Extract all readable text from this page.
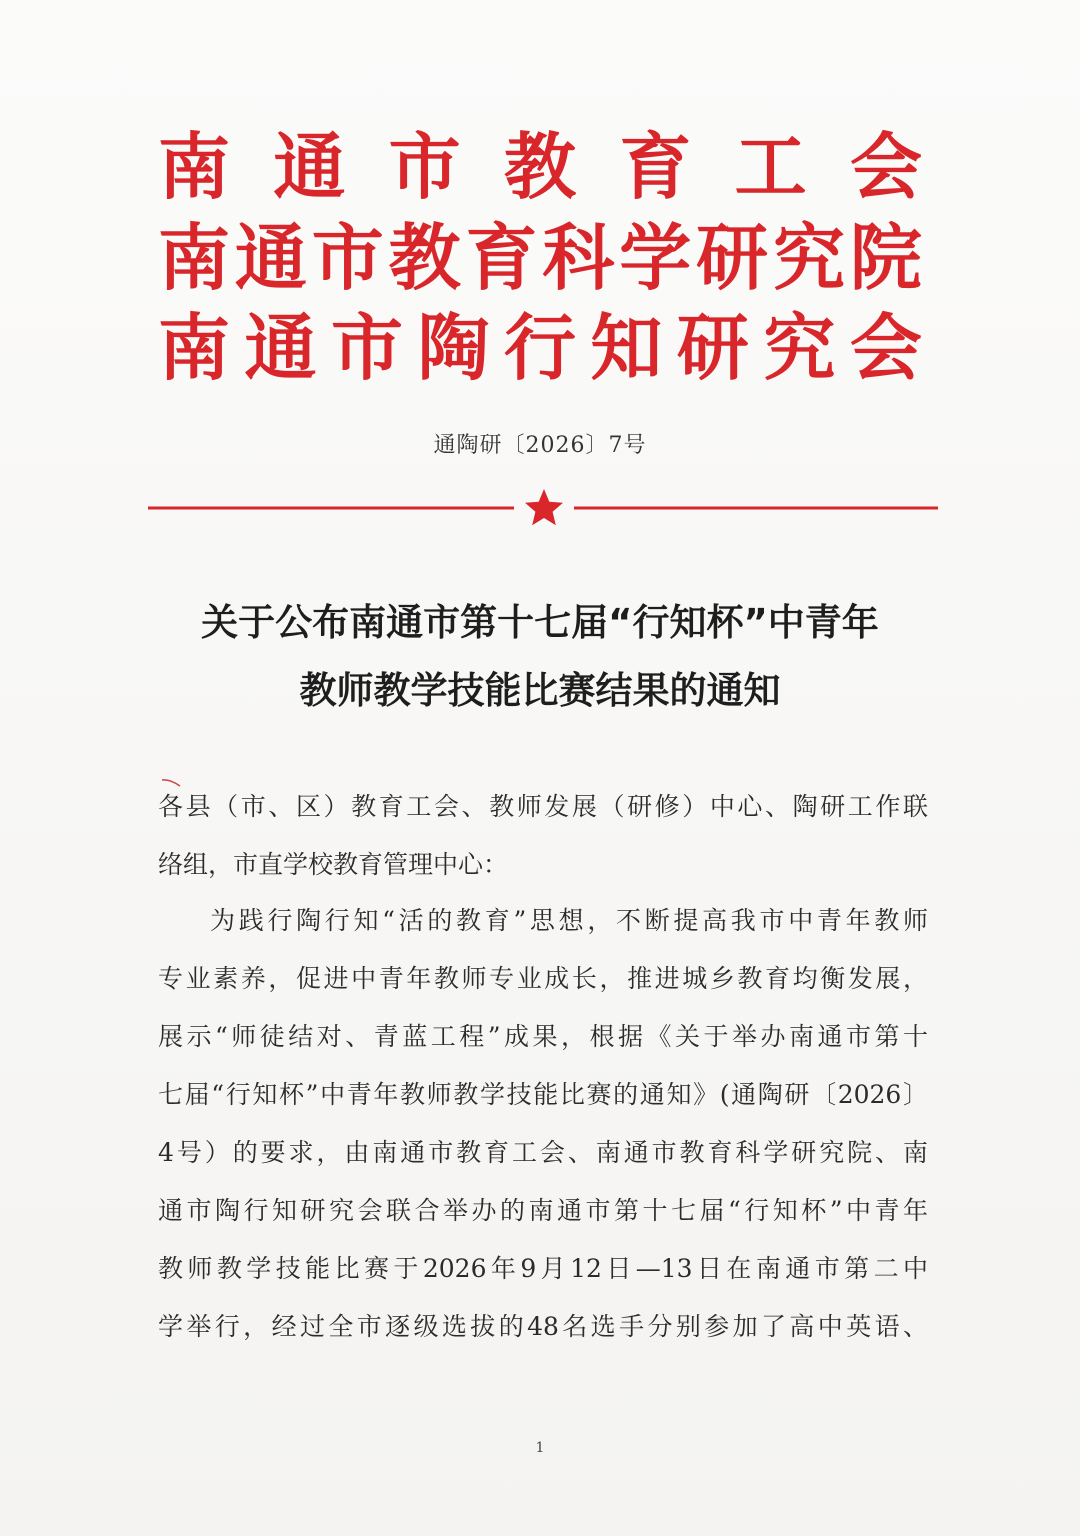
南 通 市 教 育 工 会
南 通 市 教 育 科 学 研 究 院
南 通 市 陶 行 知 研 究 会
通陶研〔2026〕7号
关于公布南通市第十七届“行知杯”中青年
教师教学技能比赛结果的通知
各县（市、区）教育工会、教师发展（研修）中心、陶研工作联
络组，市直学校教育管理中心：
为践行陶行知“活的教育”思想，不断提高我市中青年教师
专业素养，促进中青年教师专业成长，推进城乡教育均衡发展，
展示“师徒结对、青蓝工程”成果，根据《关于举办南通市第十
七届“行知杯”中青年教师教学技能比赛的通知》(通陶研〔2026〕
4号）的要求，由南通市教育工会、南通市教育科学研究院、南
通市陶行知研究会联合举办的南通市第十七届“行知杯”中青年
教师教学技能比赛于2026年9月12日—13日在南通市第二中
学举行，经过全市逐级选拔的48名选手分别参加了高中英语、
1
